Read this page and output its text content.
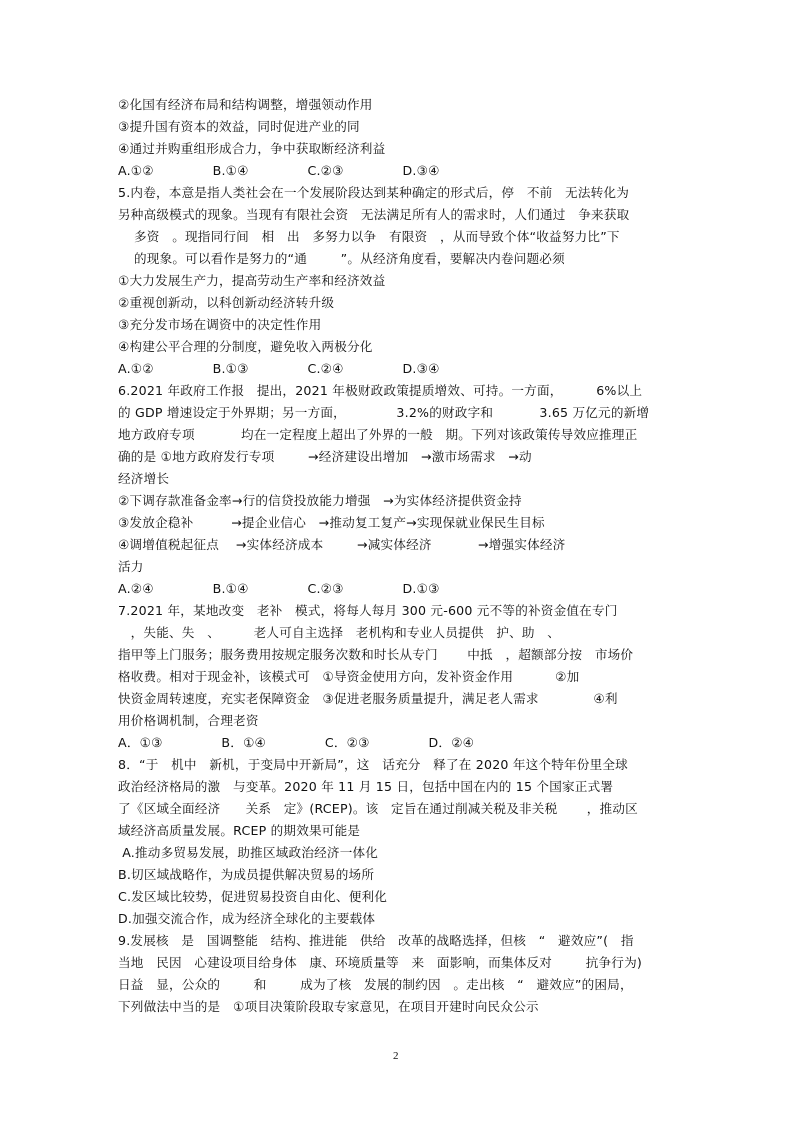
②化国有经济布局和结构调整，增强领动作用
③提升国有资本的效益，同时促进产业的同
④通过并购重组形成合力，争中获取断经济利益
A.①②              B.①④              C.②③              D.③④
5.内卷，本意是指人类社会在一个发展阶段达到某种确定的形式后，停   不前   无法转化为
另种高级模式的现象。当现有有限社会资   无法满足所有人的需求时，人们通过   争来获取
多资   。现指同行间   相   出   多努力以争   有限资   ，从而导致个体“收益努力比”下
的现象。可以看作是努力的“通        ”。从经济角度看，要解决内卷问题必须
①大力发展生产力，提高劳动生产率和经济效益
②重视创新动，以科创新动经济转升级
③充分发市场在调资中的决定性作用
④构建公平合理的分制度，避免收入两极分化
A.①②              B.①③              C.②④              D.③④
6.2021 年政府工作报   提出，2021 年极财政政策提质增效、可持。一方面，        6%以上
的 GDP 增速设定于外界期；另一方面，            3.2%的财政字和           3.65 万亿元的新增
地方政府专项           均在一定程度上超出了外界的一般   期。下列对该政策传导效应推理正
确的是 ①地方政府发行专项        →经济建设出增加   →激市场需求   →动
经济增长
②下调存款准备金率→行的信贷投放能力增强   →为实体经济提供资金持
③发放企稳补         →提企业信心   →推动复工复产→实现保就业保民生目标
④调增值税起征点    →实体经济成本        →减实体经济           →增强实体经济
活力
A.②④              B.①④              C.②③              D.①③
7.2021 年，某地改变   老补   模式，将每人每月 300 元-600 元不等的补资金值在专门
，失能、失   、        老人可自主选择   老机构和专业人员提供   护、助   、
指甲等上门服务；服务费用按规定服务次数和时长从专门       中抵   ，超额部分按   市场价
格收费。相对于现金补，该模式可   ①导资金使用方向，发补资金作用          ②加
快资金周转速度，充实老保障资金   ③促进老服务质量提升，满足老人需求             ④利
用价格调机制，合理老资
A．①③              B．①④              C．②③              D．②④
8．“于   机中   新机，于变局中开新局”，这   话充分   释了在 2020 年这个特年份里全球
政治经济格局的激   与变革。2020 年 11 月 15 日，包括中国在内的 15 个国家正式署
了《区域全面经济      关系   定》(RCEP)。该   定旨在通过削减关税及非关税       ，推动区
域经济高质量发展。RCEP 的期效果可能是
A.推动多贸易发展，助推区域政治经济一体化
B.切区域战略作，为成员提供解决贸易的场所
C.发区域比较势，促进贸易投资自由化、便利化
D.加强交流合作，成为经济全球化的主要载体
9.发展核   是   国调整能   结构、推进能   供给   改革的战略选择，但核   “   避效应”(   指
当地   民因   心建设项目给身体   康、环境质量等   来   面影响，而集体反对        抗争行为)
日益   显，公众的        和        成为了核   发展的制约因   。走出核   “   避效应”的困局，
下列做法中当的是   ①项目决策阶段取专家意见，在项目开建时向民众公示
2
